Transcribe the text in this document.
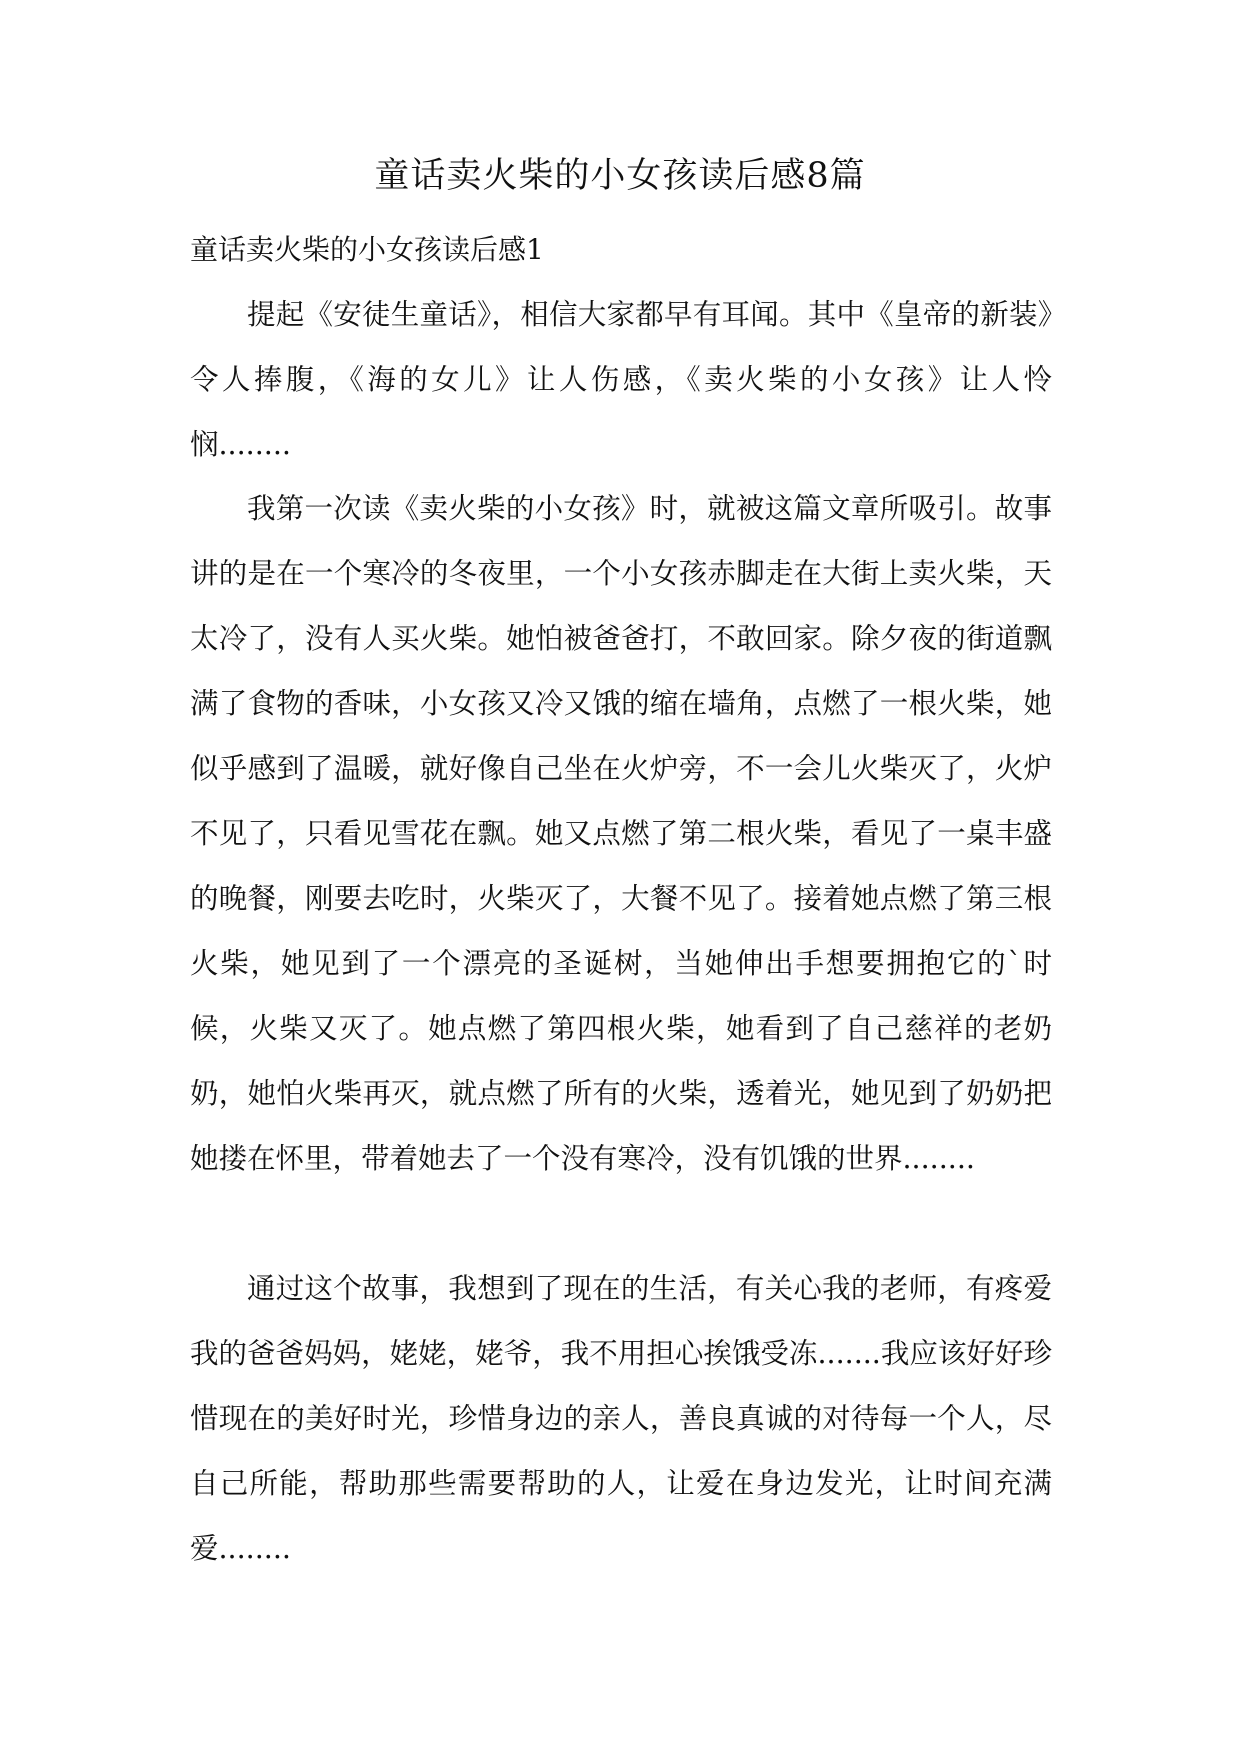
童话卖火柴的小女孩读后感8篇
童话卖火柴的小女孩读后感1

提起《安徒生童话》，相信大家都早有耳闻。其中《皇帝的新装》令人捧腹，《海的女儿》让人伤感，《卖火柴的小女孩》让人怜悯........

我第一次读《卖火柴的小女孩》时，就被这篇文章所吸引。故事讲的是在一个寒冷的冬夜里，一个小女孩赤脚走在大街上卖火柴，天太冷了，没有人买火柴。她怕被爸爸打，不敢回家。除夕夜的街道飘满了食物的香味，小女孩又冷又饿的缩在墙角，点燃了一根火柴，她似乎感到了温暖，就好像自己坐在火炉旁，不一会儿火柴灭了，火炉不见了，只看见雪花在飘。她又点燃了第二根火柴，看见了一桌丰盛的晚餐，刚要去吃时，火柴灭了，大餐不见了。接着她点燃了第三根火柴，她见到了一个漂亮的圣诞树，当她伸出手想要拥抱它的`时候，火柴又灭了。她点燃了第四根火柴，她看到了自己慈祥的老奶奶，她怕火柴再灭，就点燃了所有的火柴，透着光，她见到了奶奶把她搂在怀里，带着她去了一个没有寒冷，没有饥饿的世界........

通过这个故事，我想到了现在的生活，有关心我的老师，有疼爱我的爸爸妈妈，姥姥，姥爷，我不用担心挨饿受冻.......我应该好好珍惜现在的美好时光，珍惜身边的亲人，善良真诚的对待每一个人，尽自己所能，帮助那些需要帮助的人，让爱在身边发光，让时间充满爱........
